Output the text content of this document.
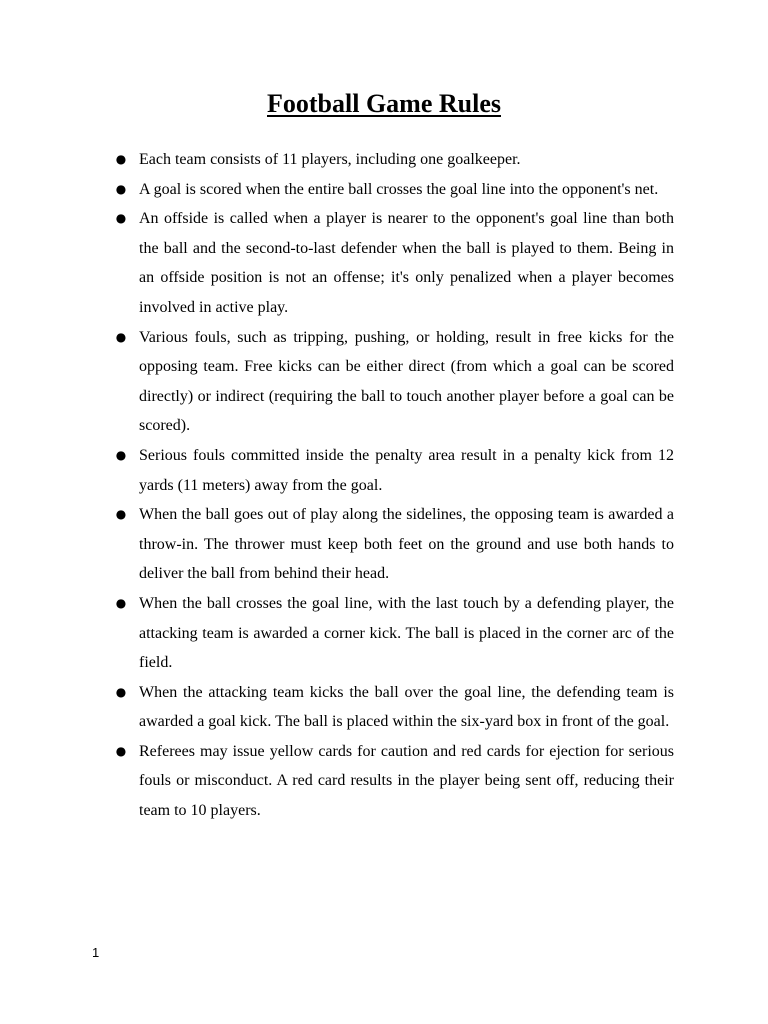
Football Game Rules
● Each team consists of 11 players, including one goalkeeper.
● A goal is scored when the entire ball crosses the goal line into the opponent's net.
● An offside is called when a player is nearer to the opponent's goal line than both the ball and the second-to-last defender when the ball is played to them. Being in an offside position is not an offense; it's only penalized when a player becomes involved in active play.
● Various fouls, such as tripping, pushing, or holding, result in free kicks for the opposing team. Free kicks can be either direct (from which a goal can be scored directly) or indirect (requiring the ball to touch another player before a goal can be scored).
● Serious fouls committed inside the penalty area result in a penalty kick from 12 yards (11 meters) away from the goal.
● When the ball goes out of play along the sidelines, the opposing team is awarded a throw-in. The thrower must keep both feet on the ground and use both hands to deliver the ball from behind their head.
● When the ball crosses the goal line, with the last touch by a defending player, the attacking team is awarded a corner kick. The ball is placed in the corner arc of the field.
● When the attacking team kicks the ball over the goal line, the defending team is awarded a goal kick. The ball is placed within the six-yard box in front of the goal.
● Referees may issue yellow cards for caution and red cards for ejection for serious fouls or misconduct. A red card results in the player being sent off, reducing their team to 10 players.
1
